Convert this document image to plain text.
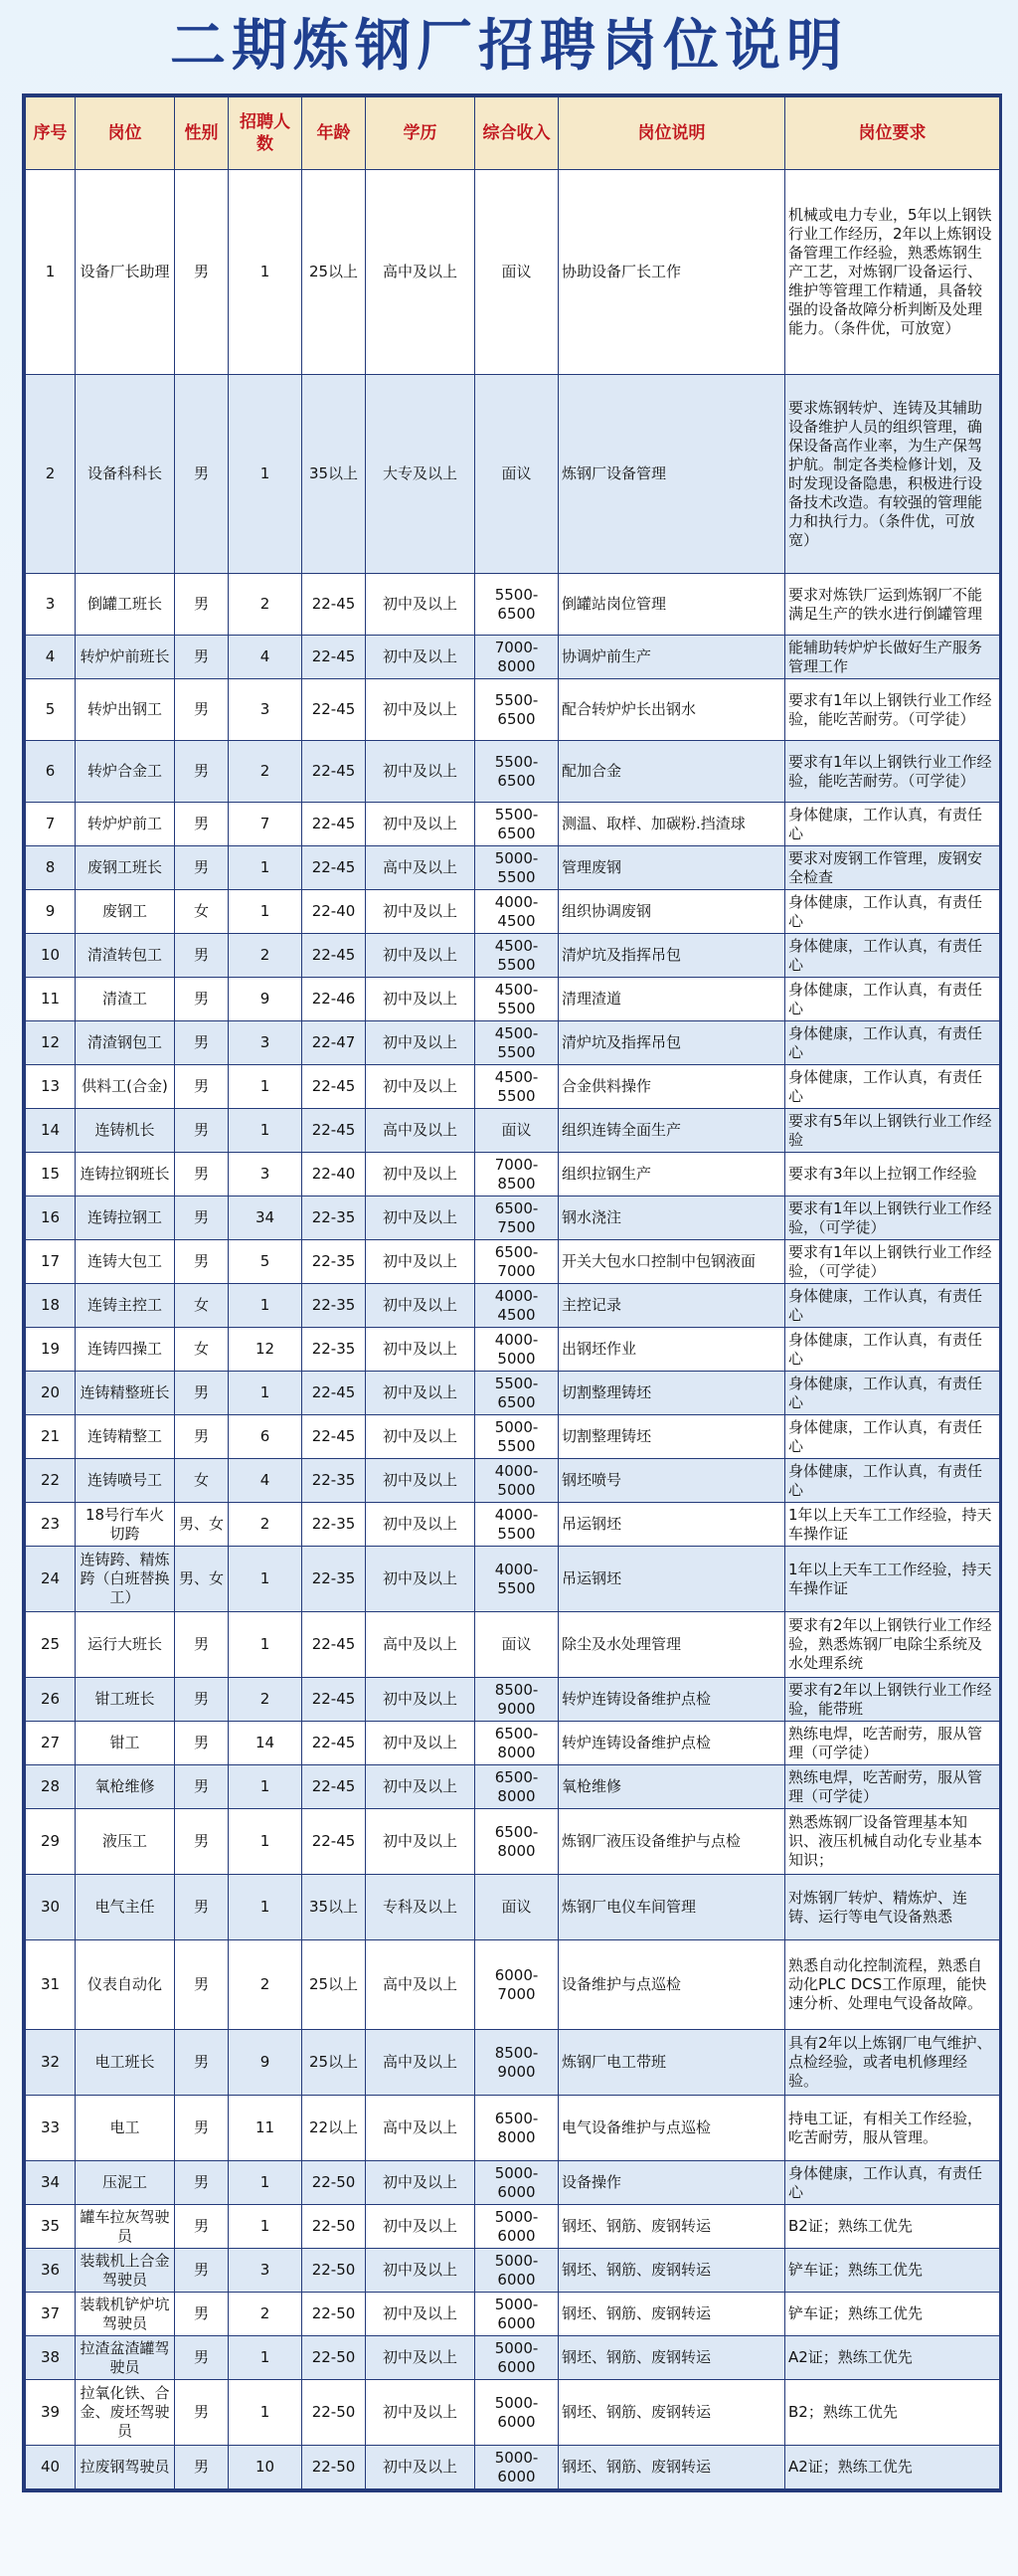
二期炼钢厂招聘岗位说明
序号	岗位	性别	招聘人数	年龄	学历	综合收入	岗位说明	岗位要求
1	设备厂长助理	男	1	25以上	高中及以上	面议	协助设备厂长工作	机械或电力专业，5年以上钢铁行业工作经历，2年以上炼钢设备管理工作经验，熟悉炼钢生产工艺，对炼钢厂设备运行、维护等管理工作精通，具备较强的设备故障分析判断及处理能力。（条件优，可放宽）
2	设备科科长	男	1	35以上	大专及以上	面议	炼钢厂设备管理	要求炼钢转炉、连铸及其辅助设备维护人员的组织管理，确保设备高作业率，为生产保驾护航。制定各类检修计划，及时发现设备隐患，积极进行设备技术改造。有较强的管理能力和执行力。（条件优，可放宽）
3	倒罐工班长	男	2	22-45	初中及以上	5500-6500	倒罐站岗位管理	要求对炼铁厂运到炼钢厂不能满足生产的铁水进行倒罐管理
4	转炉炉前班长	男	4	22-45	初中及以上	7000-8000	协调炉前生产	能辅助转炉炉长做好生产服务管理工作
5	转炉出钢工	男	3	22-45	初中及以上	5500-6500	配合转炉炉长出钢水	要求有1年以上钢铁行业工作经验，能吃苦耐劳。（可学徒）
6	转炉合金工	男	2	22-45	初中及以上	5500-6500	配加合金	要求有1年以上钢铁行业工作经验，能吃苦耐劳。（可学徒）
7	转炉炉前工	男	7	22-45	初中及以上	5500-6500	测温、取样、加碳粉.挡渣球	身体健康，工作认真，有责任心
8	废钢工班长	男	1	22-45	高中及以上	5000-5500	管理废钢	要求对废钢工作管理，废钢安全检查
9	废钢工	女	1	22-40	初中及以上	4000-4500	组织协调废钢	身体健康，工作认真，有责任心
10	清渣转包工	男	2	22-45	初中及以上	4500-5500	清炉坑及指挥吊包	身体健康，工作认真，有责任心
11	清渣工	男	9	22-46	初中及以上	4500-5500	清理渣道	身体健康，工作认真，有责任心
12	清渣钢包工	男	3	22-47	初中及以上	4500-5500	清炉坑及指挥吊包	身体健康，工作认真，有责任心
13	供料工(合金)	男	1	22-45	初中及以上	4500-5500	合金供料操作	身体健康，工作认真，有责任心
14	连铸机长	男	1	22-45	高中及以上	面议	组织连铸全面生产	要求有5年以上钢铁行业工作经验
15	连铸拉钢班长	男	3	22-40	初中及以上	7000-8500	组织拉钢生产	要求有3年以上拉钢工作经验
16	连铸拉钢工	男	34	22-35	初中及以上	6500-7500	钢水浇注	要求有1年以上钢铁行业工作经验，（可学徒）
17	连铸大包工	男	5	22-35	初中及以上	6500-7000	开关大包水口控制中包钢液面	要求有1年以上钢铁行业工作经验，（可学徒）
18	连铸主控工	女	1	22-35	初中及以上	4000-4500	主控记录	身体健康，工作认真，有责任心
19	连铸四操工	女	12	22-35	初中及以上	4000-5000	出钢坯作业	身体健康，工作认真，有责任心
20	连铸精整班长	男	1	22-45	初中及以上	5500-6500	切割整理铸坯	身体健康，工作认真，有责任心
21	连铸精整工	男	6	22-45	初中及以上	5000-5500	切割整理铸坯	身体健康，工作认真，有责任心
22	连铸喷号工	女	4	22-35	初中及以上	4000-5000	钢坯喷号	身体健康，工作认真，有责任心
23	18号行车火切跨	男、女	2	22-35	初中及以上	4000-5500	吊运钢坯	1年以上天车工工作经验，持天车操作证
24	连铸跨、精炼跨（白班替换工）	男、女	1	22-35	初中及以上	4000-5500	吊运钢坯	1年以上天车工工作经验，持天车操作证
25	运行大班长	男	1	22-45	高中及以上	面议	除尘及水处理管理	要求有2年以上钢铁行业工作经验，熟悉炼钢厂电除尘系统及水处理系统
26	钳工班长	男	2	22-45	初中及以上	8500-9000	转炉连铸设备维护点检	要求有2年以上钢铁行业工作经验，能带班
27	钳工	男	14	22-45	初中及以上	6500-8000	转炉连铸设备维护点检	熟练电焊，吃苦耐劳，服从管理（可学徒）
28	氧枪维修	男	1	22-45	初中及以上	6500-8000	氧枪维修	熟练电焊，吃苦耐劳，服从管理（可学徒）
29	液压工	男	1	22-45	初中及以上	6500-8000	炼钢厂液压设备维护与点检	熟悉炼钢厂设备管理基本知识、液压机械自动化专业基本知识；
30	电气主任	男	1	35以上	专科及以上	面议	炼钢厂电仪车间管理	对炼钢厂转炉、精炼炉、连铸、运行等电气设备熟悉
31	仪表自动化	男	2	25以上	高中及以上	6000-7000	设备维护与点巡检	熟悉自动化控制流程，熟悉自动化PLC DCS工作原理，能快速分析、处理电气设备故障。
32	电工班长	男	9	25以上	高中及以上	8500-9000	炼钢厂电工带班	具有2年以上炼钢厂电气维护、点检经验，或者电机修理经验。
33	电工	男	11	22以上	高中及以上	6500-8000	电气设备维护与点巡检	持电工证，有相关工作经验，吃苦耐劳，服从管理。
34	压泥工	男	1	22-50	初中及以上	5000-6000	设备操作	身体健康，工作认真，有责任心
35	罐车拉灰驾驶员	男	1	22-50	初中及以上	5000-6000	钢坯、钢筋、废钢转运	B2证；熟练工优先
36	装载机上合金驾驶员	男	3	22-50	初中及以上	5000-6000	钢坯、钢筋、废钢转运	铲车证；熟练工优先
37	装载机铲炉坑驾驶员	男	2	22-50	初中及以上	5000-6000	钢坯、钢筋、废钢转运	铲车证；熟练工优先
38	拉渣盆渣罐驾驶员	男	1	22-50	初中及以上	5000-6000	钢坯、钢筋、废钢转运	A2证；熟练工优先
39	拉氧化铁、合金、废坯驾驶员	男	1	22-50	初中及以上	5000-6000	钢坯、钢筋、废钢转运	B2；熟练工优先
40	拉废钢驾驶员	男	10	22-50	初中及以上	5000-6000	钢坯、钢筋、废钢转运	A2证；熟练工优先
